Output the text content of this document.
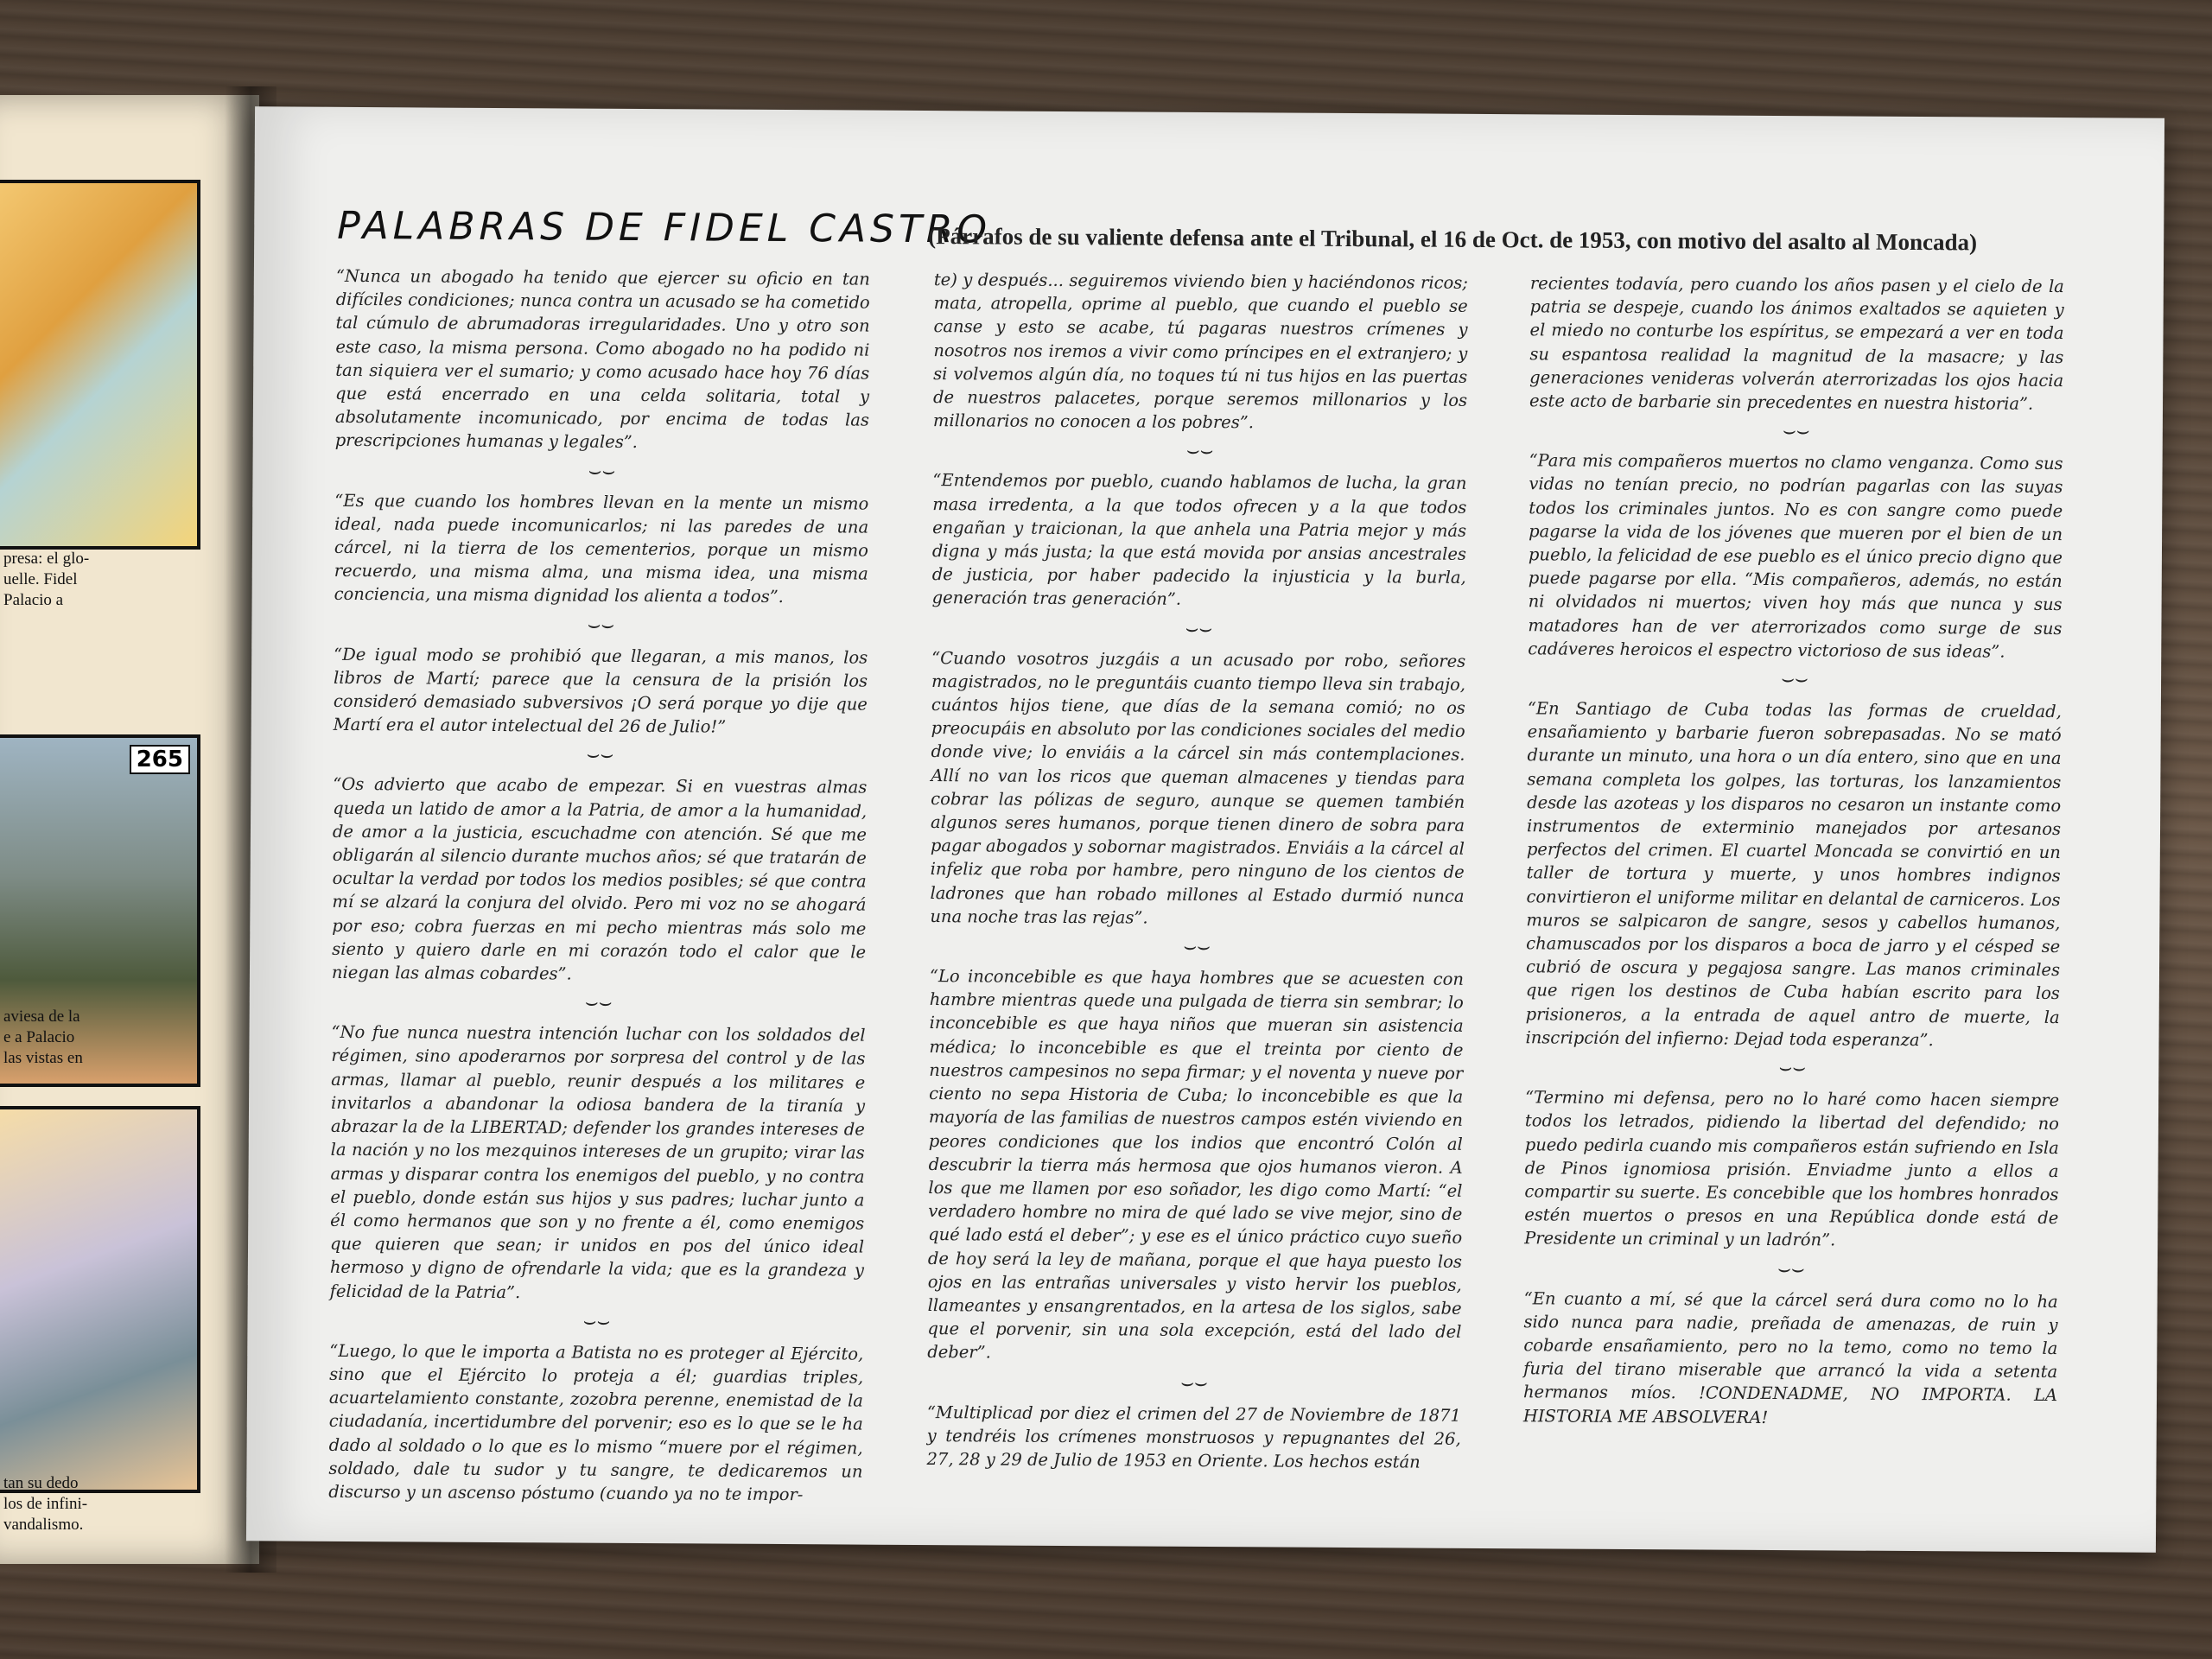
presa: el glo-
uelle. Fidel
Palacio a
265
aviesa de la
e a Palacio
las vistas en
tan su dedo
los de infini-
vandalismo.
PALABRAS DE FIDEL CASTRO
(Párrafos de su valiente defensa ante el Tribunal, el 16 de Oct. de 1953, con motivo del asalto al Moncada)

“Nunca un abogado ha tenido que ejercer su oficio en tan difíciles condiciones; nunca contra un acusado se ha cometido tal cúmulo de abrumadoras irregularidades. Uno y otro son este caso, la misma persona. Como abogado no ha podido ni tan siquiera ver el sumario; y como acusado hace hoy 76 días que está encerrado en una celda solitaria, total y absolutamente incomunicado, por encima de todas las prescripciones humanas y legales”.

⌣⌣

“Es que cuando los hombres llevan en la mente un mismo ideal, nada puede incomunicarlos; ni las paredes de una cárcel, ni la tierra de los cementerios, porque un mismo recuerdo, una misma alma, una misma idea, una misma conciencia, una misma dignidad los alienta a todos”.

⌣⌣

“De igual modo se prohibió que llegaran, a mis manos, los libros de Martí; parece que la censura de la prisión los consideró demasiado subversivos ¡O será porque yo dije que Martí era el autor intelectual del 26 de Julio!”

⌣⌣

“Os advierto que acabo de empezar. Si en vuestras almas queda un latido de amor a la Patria, de amor a la humanidad, de amor a la justicia, escuchadme con atención. Sé que me obligarán al silencio durante muchos años; sé que tratarán de ocultar la verdad por todos los medios posibles; sé que contra mí se alzará la conjura del olvido. Pero mi voz no se ahogará por eso; cobra fuerzas en mi pecho mientras más solo me siento y quiero darle en mi corazón todo el calor que le niegan las almas cobardes”.

⌣⌣

“No fue nunca nuestra intención luchar con los soldados del régimen, sino apoderarnos por sorpresa del control y de las armas, llamar al pueblo, reunir después a los militares e invitarlos a abandonar la odiosa bandera de la tiranía y abrazar la de la LIBERTAD; defender los grandes intereses de la nación y no los mezquinos intereses de un grupito; virar las armas y disparar contra los enemigos del pueblo, y no contra el pueblo, donde están sus hijos y sus padres; luchar junto a él como hermanos que son y no frente a él, como enemigos que quieren que sean; ir unidos en pos del único ideal hermoso y digno de ofrendarle la vida; que es la grandeza y felicidad de la Patria”.

⌣⌣

“Luego, lo que le importa a Batista no es proteger al Ejército, sino que el Ejército lo proteja a él; guardias triples, acuartelamiento constante, zozobra perenne, enemistad de la ciudadanía, incertidumbre del porvenir; eso es lo que se le ha dado al soldado o lo que es lo mismo “muere por el régimen, soldado, dale tu sudor y tu sangre, te dedicaremos un discurso y un ascenso póstumo (cuando ya no te impor-

te) y después... seguiremos viviendo bien y haciéndonos ricos; mata, atropella, oprime al pueblo, que cuando el pueblo se canse y esto se acabe, tú pagaras nuestros crímenes y nosotros nos iremos a vivir como príncipes en el extranjero; y si volvemos algún día, no toques tú ni tus hijos en las puertas de nuestros palacetes, porque seremos millonarios y los millonarios no conocen a los pobres”.

⌣⌣

“Entendemos por pueblo, cuando hablamos de lucha, la gran masa irredenta, a la que todos ofrecen y a la que todos engañan y traicionan, la que anhela una Patria mejor y más digna y más justa; la que está movida por ansias ancestrales de justicia, por haber padecido la injusticia y la burla, generación tras generación”.

⌣⌣

“Cuando vosotros juzgáis a un acusado por robo, señores magistrados, no le preguntáis cuanto tiempo lleva sin trabajo, cuántos hijos tiene, que días de la semana comió; no os preocupáis en absoluto por las condiciones sociales del medio donde vive; lo enviáis a la cárcel sin más contemplaciones. Allí no van los ricos que queman almacenes y tiendas para cobrar las pólizas de seguro, aunque se quemen también algunos seres humanos, porque tienen dinero de sobra para pagar abogados y sobornar magistrados. Enviáis a la cárcel al infeliz que roba por hambre, pero ninguno de los cientos de ladrones que han robado millones al Estado durmió nunca una noche tras las rejas”.

⌣⌣

“Lo inconcebible es que haya hombres que se acuesten con hambre mientras quede una pulgada de tierra sin sembrar; lo inconcebible es que haya niños que mueran sin asistencia médica; lo inconcebible es que el treinta por ciento de nuestros campesinos no sepa firmar; y el noventa y nueve por ciento no sepa Historia de Cuba; lo inconcebible es que la mayoría de las familias de nuestros campos estén viviendo en peores condiciones que los indios que encontró Colón al descubrir la tierra más hermosa que ojos humanos vieron. A los que me llamen por eso soñador, les digo como Martí: “el verdadero hombre no mira de qué lado se vive mejor, sino de qué lado está el deber”; y ese es el único práctico cuyo sueño de hoy será la ley de mañana, porque el que haya puesto los ojos en las entrañas universales y visto hervir los pueblos, llameantes y ensangrentados, en la artesa de los siglos, sabe que el porvenir, sin una sola excepción, está del lado del deber”.

⌣⌣

“Multiplicad por diez el crimen del 27 de Noviembre de 1871 y tendréis los crímenes monstruosos y repugnantes del 26, 27, 28 y 29 de Julio de 1953 en Oriente. Los hechos están

recientes todavía, pero cuando los años pasen y el cielo de la patria se despeje, cuando los ánimos exaltados se aquieten y el miedo no conturbe los espíritus, se empezará a ver en toda su espantosa realidad la magnitud de la masacre; y las generaciones venideras volverán aterrorizadas los ojos hacia este acto de barbarie sin precedentes en nuestra historia”.

⌣⌣

“Para mis compañeros muertos no clamo venganza. Como sus vidas no tenían precio, no podrían pagarlas con las suyas todos los criminales juntos. No es con sangre como puede pagarse la vida de los jóvenes que mueren por el bien de un pueblo, la felicidad de ese pueblo es el único precio digno que puede pagarse por ella. “Mis compañeros, además, no están ni olvidados ni muertos; viven hoy más que nunca y sus matadores han de ver aterrorizados como surge de sus cadáveres heroicos el espectro victorioso de sus ideas”.

⌣⌣

“En Santiago de Cuba todas las formas de crueldad, ensañamiento y barbarie fueron sobrepasadas. No se mató durante un minuto, una hora o un día entero, sino que en una semana completa los golpes, las torturas, los lanzamientos desde las azoteas y los disparos no cesaron un instante como instrumentos de exterminio manejados por artesanos perfectos del crimen. El cuartel Moncada se convirtió en un taller de tortura y muerte, y unos hombres indignos convirtieron el uniforme militar en delantal de carniceros. Los muros se salpicaron de sangre, sesos y cabellos humanos, chamuscados por los disparos a boca de jarro y el césped se cubrió de oscura y pegajosa sangre. Las manos criminales que rigen los destinos de Cuba habían escrito para los prisioneros, a la entrada de aquel antro de muerte, la inscripción del infierno: Dejad toda esperanza”.

⌣⌣

“Termino mi defensa, pero no lo haré como hacen siempre todos los letrados, pidiendo la libertad del defendido; no puedo pedirla cuando mis compañeros están sufriendo en Isla de Pinos ignomiosa prisión. Enviadme junto a ellos a compartir su suerte. Es concebible que los hombres honrados estén muertos o presos en una República donde está de Presidente un criminal y un ladrón”.

⌣⌣

“En cuanto a mí, sé que la cárcel será dura como no lo ha sido nunca para nadie, preñada de amenazas, de ruin y cobarde ensañamiento, pero no la temo, como no temo la furia del tirano miserable que arrancó la vida a setenta hermanos míos. !CONDENADME, NO IMPORTA. LA HISTORIA ME ABSOLVERA!
